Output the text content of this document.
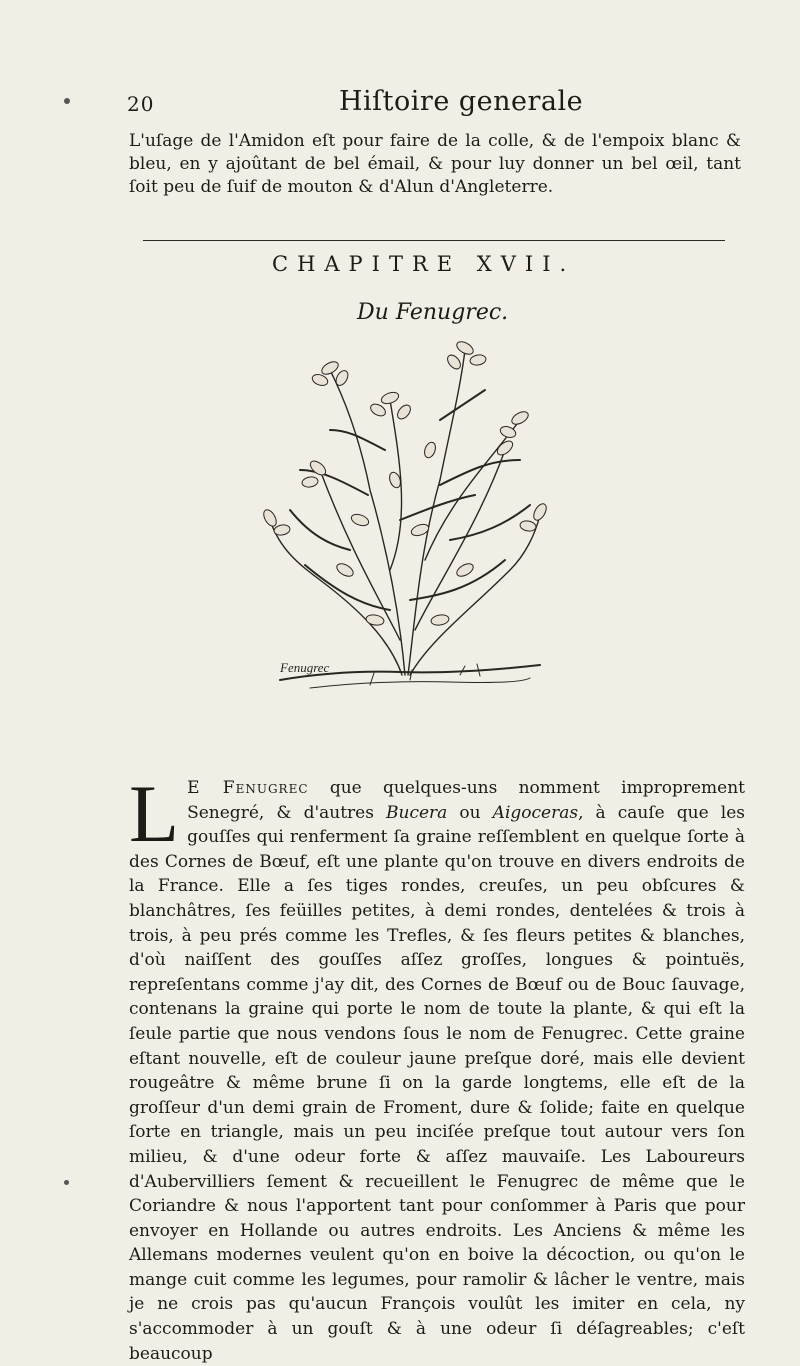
20	Hiſtoire generale
L'uſage de l'Amidon eſt pour faire de la colle, & de l'empoix blanc & bleu, en y ajoûtant de bel émail, & pour luy donner un bel œil, tant ſoit peu de ſuif de mouton & d'Alun d'Angleterre.
CHAPITRE XVII.
Du Fenugrec.
Fenugrec
L E Fenugrec que quelques-uns nomment improprement Senegré, & d'autres Bucera ou Aigoceras, à cauſe que les gouſſes qui renferment ſa graine reſſemblent en quelque ſorte à des Cornes de Bœuf, eſt une plante qu'on trouve en divers endroits de la France. Elle a ſes tiges rondes, creuſes, un peu obſcures & blanchâtres, ſes feüilles petites, à demi rondes, dentelées & trois à trois, à peu prés comme les Trefles, & ſes fleurs petites & blanches, d'où naiſſent des gouſſes aſſez groſſes, longues & pointuës, repreſentans comme j'ay dit, des Cornes de Bœuf ou de Bouc ſauvage, contenans la graine qui porte le nom de toute la plante, & qui eſt la ſeule partie que nous vendons ſous le nom de Fenugrec. Cette graine eſtant nouvelle, eſt de couleur jaune preſque doré, mais elle devient rougeâtre & même brune ſi on la garde longtems, elle eſt de la groſſeur d'un demi grain de Froment, dure & ſolide; faite en quelque ſorte en triangle, mais un peu inciſée preſque tout autour vers ſon milieu, & d'une odeur forte & aſſez mauvaiſe. Les Laboureurs d'Aubervilliers ſement & recueillent le Fenugrec de même que le Coriandre & nous l'apportent tant pour conſommer à Paris que pour envoyer en Hollande ou autres endroits. Les Anciens & même les Allemans modernes veulent qu'on en boive la décoction, ou qu'on le mange cuit comme les legumes, pour ramolir & lâcher le ventre, mais je ne crois pas qu'aucun François voulût les imiter en cela, ny s'accommoder à un gouſt & à une odeur ſi déſagreables; c'eſt beaucoup
